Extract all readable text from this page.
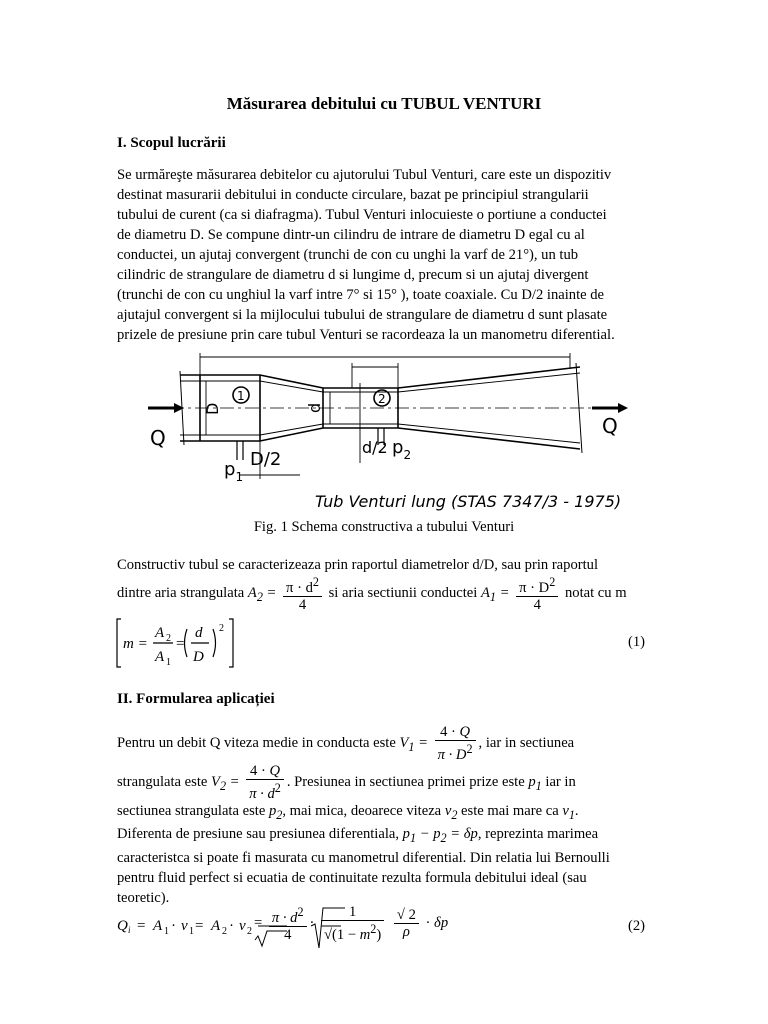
Măsurarea debitului cu TUBUL VENTURI
I. Scopul lucrării
Se urmăreşte măsurarea debitelor cu ajutorului Tubul Venturi, care este un dispozitiv
destinat masurarii debitului in conducte circulare, bazat pe principiul strangularii
tubului de curent (ca si diafragma). Tubul Venturi inlocuieste o portiune a conductei
de diametru D. Se compune dintr-un cilindru de intrare de diametru D egal cu al
conductei, un ajutaj convergent (trunchi de con cu unghi la varf de 21°), un tub
cilindric de strangulare de diametru d si lungime d, precum si un ajutaj divergent
(trunchi de con cu unghiul la varf intre 7° si 15° ), toate coaxiale. Cu D/2 inainte de
ajutajul convergent si la mijlocului tubului de strangulare de diametru d sunt plasate
prizele de presiune prin care tubul Venturi se racordeaza la un manometru diferential.
Q	Q
1	2
D	d
$p_1$
D/2
d/2 $p_2$
Tub Venturi lung (STAS 7347/3 - 1975)
Fig. 1 Schema constructiva a tubului Venturi
Constructiv tubul se caracterizeaza prin raportul diametrelor d/D, sau prin raportul
dintre aria strangulata $A_2 = \frac{\pi \cdot d^2}{4}$ si aria sectiunii conductei $A_1 = \frac{\pi \cdot D^2}{4}$ notat cu m
m =
A 2
A 1
=
d
D
2
(1)
II. Formularea aplicației
Pentru un debit Q viteza medie in conducta este $V_1 = \frac{4 \cdot Q}{\pi \cdot D^2}$ , iar in sectiunea
strangulata este $V_2 = \frac{4 \cdot Q}{\pi \cdot d^2}$ . Presiunea in sectiunea primei prize este $p_1$ iar in
sectiunea strangulata este $p_2$, mai mica, deoarece viteza $v_2$ este mai mare ca $v_1$.
Diferenta de presiune sau presiunea diferentiala, $p_1 - p_2 = \delta p$, reprezinta marimea
caracteristca si poate fi masurata cu manometrul diferential. Din relatia lui Bernoulli
pentru fluid perfect si ecuatia de continuitate rezulta formula debitului ideal (sau
teoretic).
Q i = A 1 · v 1 = A 2 · v 2
= $\frac{\pi \cdot d^2}{4} \cdot \frac{1}{√(1 - m^2)}$
$\frac{√ 2}{\rho} \cdot \delta p$	(2)
